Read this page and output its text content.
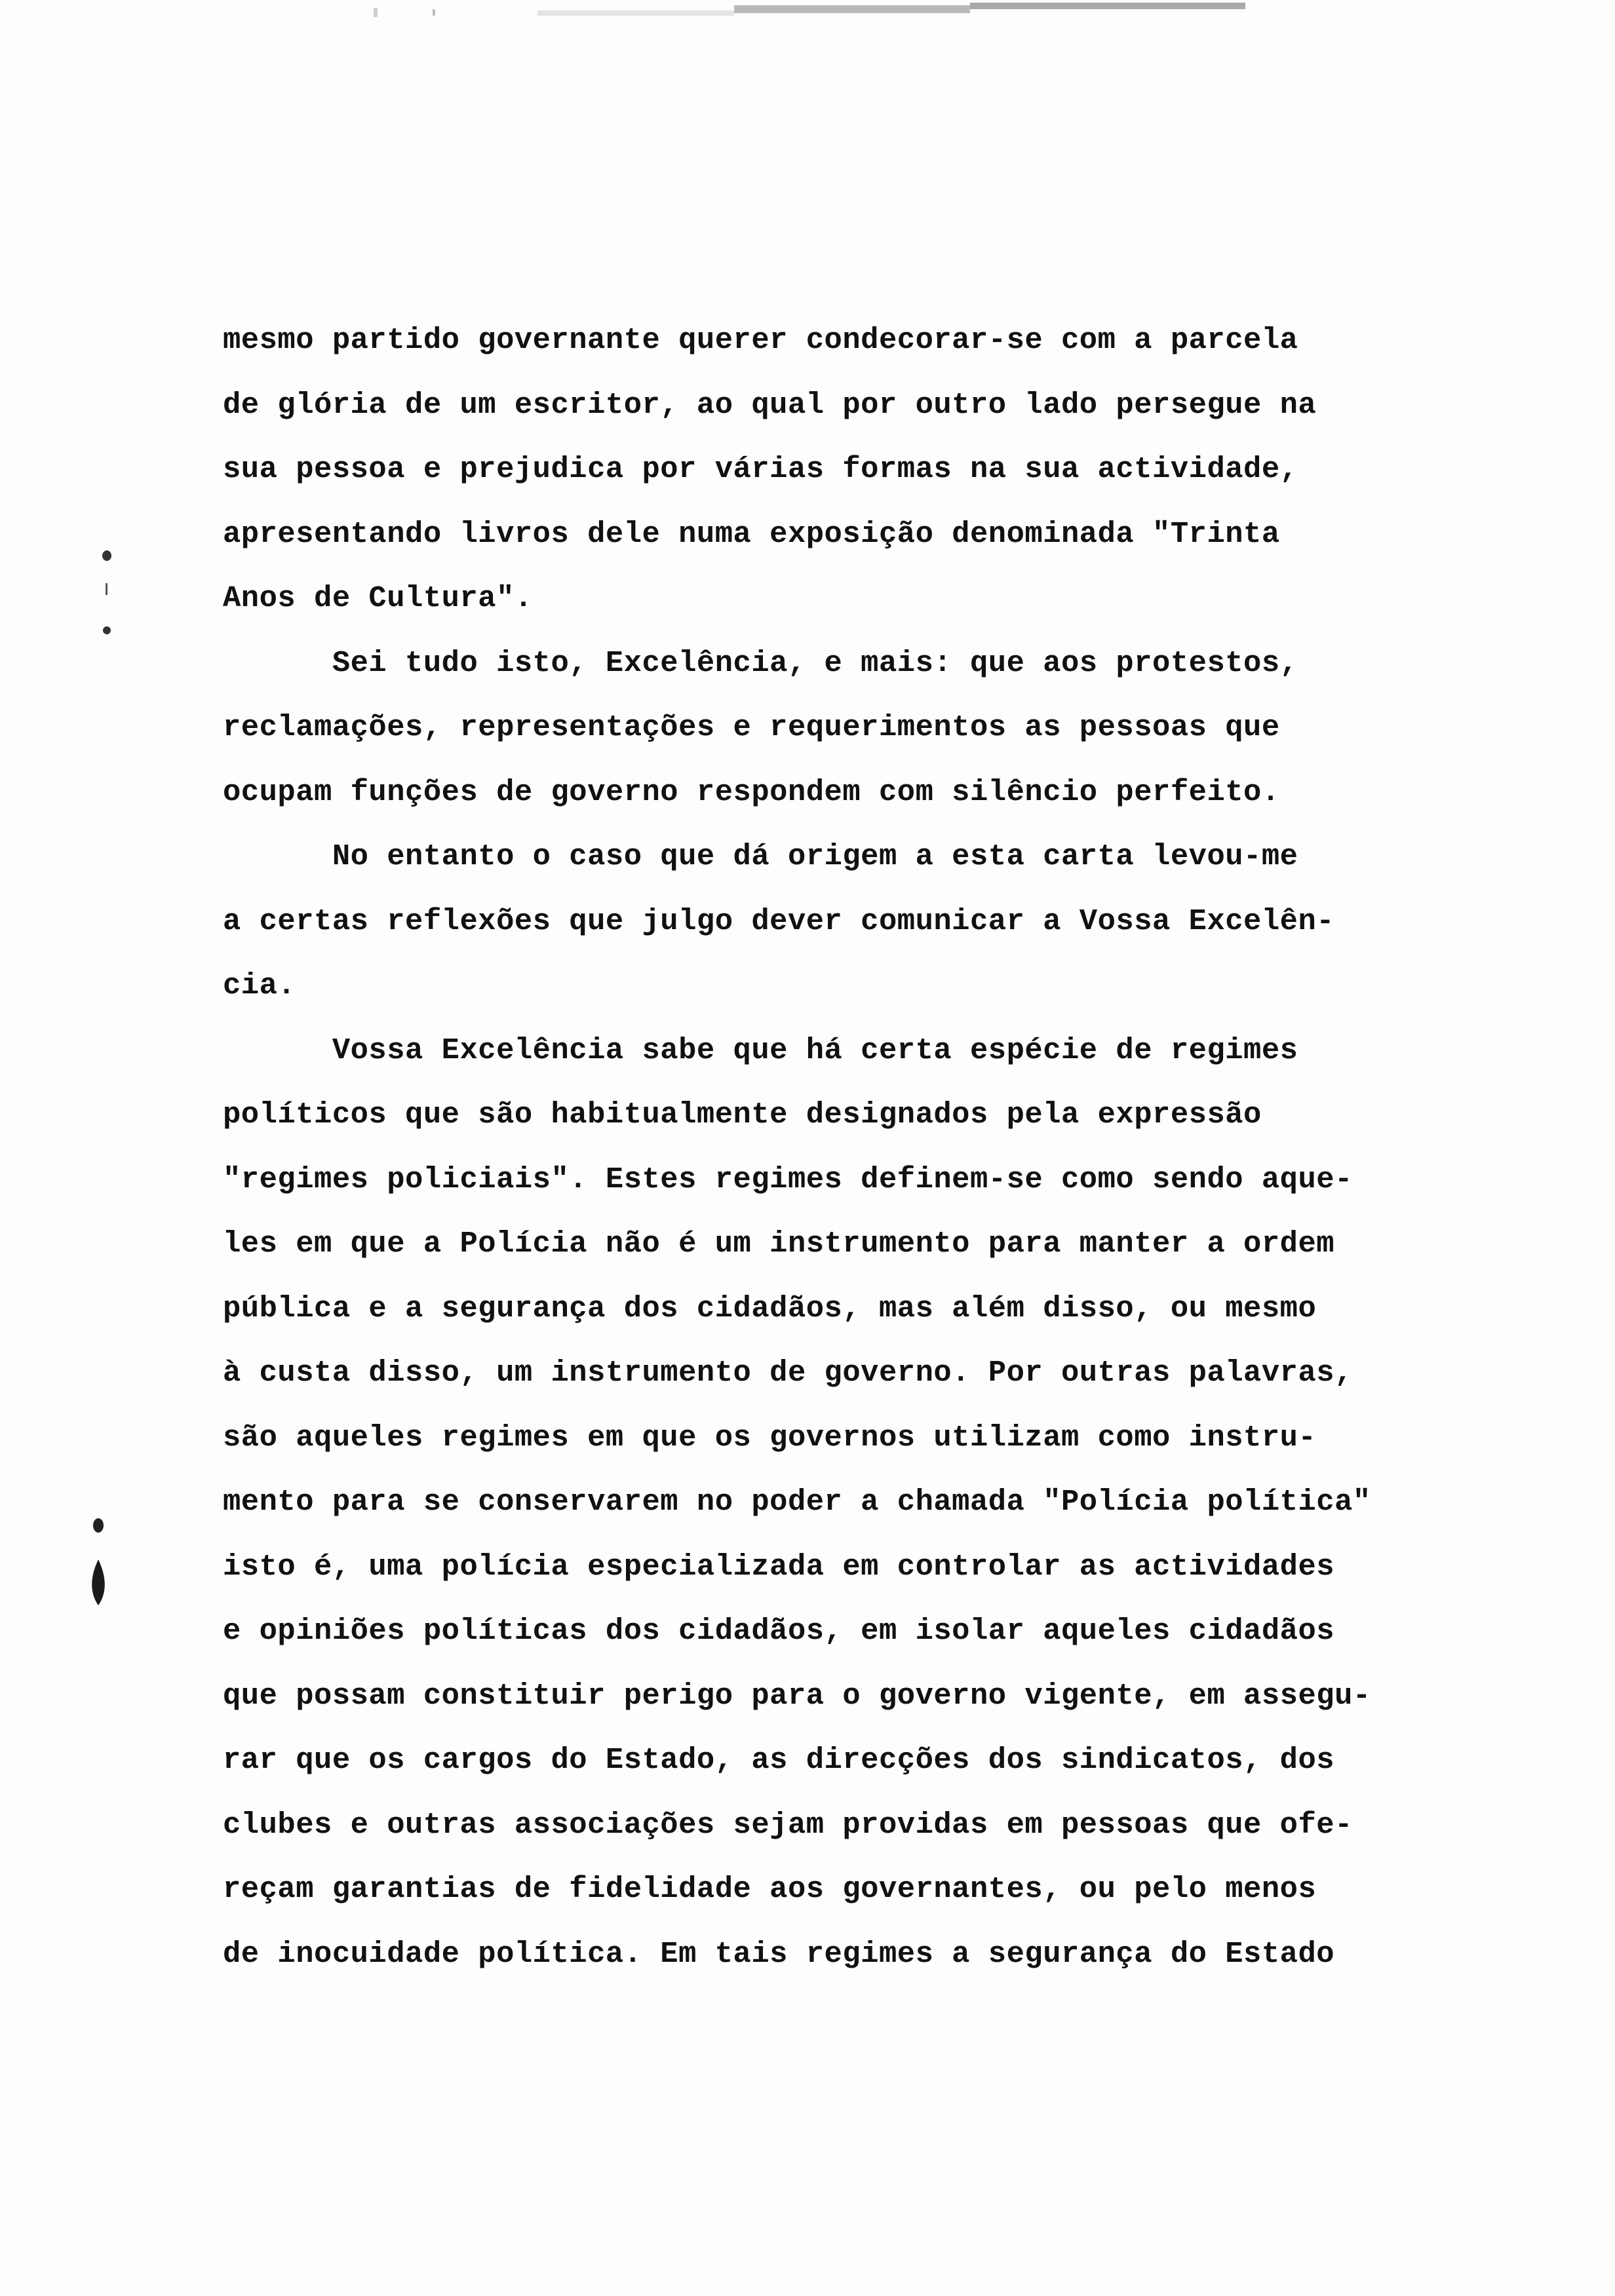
mesmo partido governante querer condecorar-se com a parcela
de glória de um escritor, ao qual por outro lado persegue na
sua pessoa e prejudica por várias formas na sua actividade,
apresentando livros dele numa exposição denominada "Trinta
Anos de Cultura".
Sei tudo isto, Excelência, e mais: que aos protestos,
reclamações, representações e requerimentos as pessoas que
ocupam funções de governo respondem com silêncio perfeito.
No entanto o caso que dá origem a esta carta levou-me
a certas reflexões que julgo dever comunicar a Vossa Excelên-
cia.
Vossa Excelência sabe que há certa espécie de regimes
políticos que são habitualmente designados pela expressão
"regimes policiais". Estes regimes definem-se como sendo aque-
les em que a Polícia não é um instrumento para manter a ordem
pública e a segurança dos cidadãos, mas além disso, ou mesmo
à custa disso, um instrumento de governo. Por outras palavras,
são aqueles regimes em que os governos utilizam como instru-
mento para se conservarem no poder a chamada "Polícia política"
isto é, uma polícia especializada em controlar as actividades
e opiniões políticas dos cidadãos, em isolar aqueles cidadãos
que possam constituir perigo para o governo vigente, em assegu-
rar que os cargos do Estado, as direcções dos sindicatos, dos
clubes e outras associações sejam providas em pessoas que ofe-
reçam garantias de fidelidade aos governantes, ou pelo menos
de inocuidade política. Em tais regimes a segurança do Estado
